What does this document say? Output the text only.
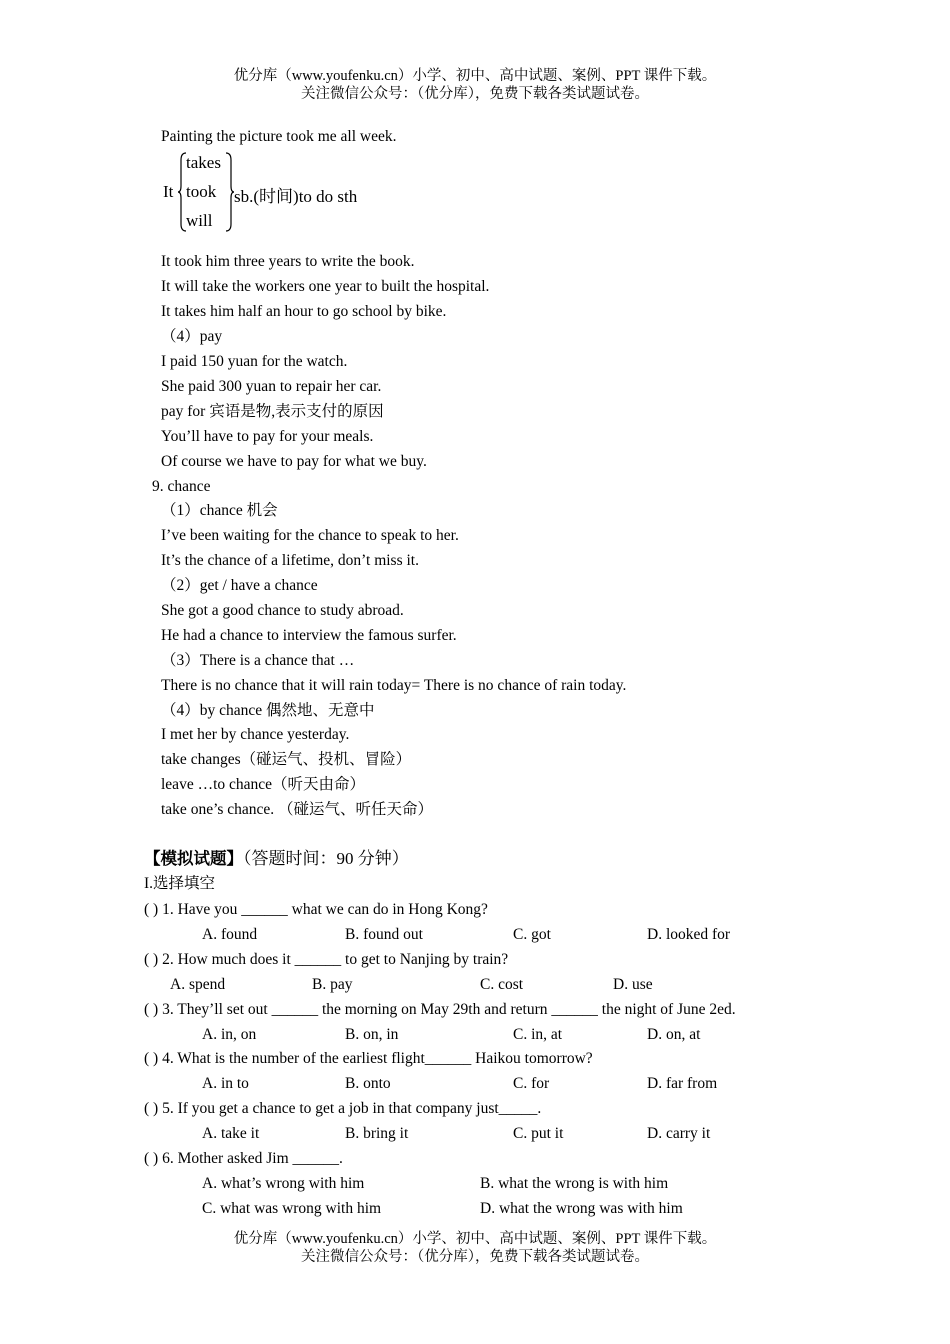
优分库（www.youfenku.cn）小学、初中、高中试题、案例、PPT 课件下载。
关注微信公众号：（优分库），免费下载各类试题试卷。
Painting the picture took me all week.
It
takes
took
will
sb.(时间)to do sth
It took him three years to write the book.
It will take the workers one year to built the hospital.
It takes him half an hour to go school by bike.
（4）pay
I paid 150 yuan for the watch.
She paid 300 yuan to repair her car.
pay for 宾语是物,表示支付的原因
You’ll have to pay for your meals.
Of course we have to pay for what we buy.
9. chance
（1）chance 机会
I’ve been waiting for the chance to speak to her.
It’s the chance of a lifetime, don’t miss it.
（2）get / have a chance
She got a good chance to study abroad.
He had a chance to interview the famous surfer.
（3）There is a chance that …
There is no chance that it will rain today= There is no chance of rain today.
（4）by chance 偶然地、无意中
I met her by chance yesterday.
take changes（碰运气、投机、冒险）
leave …to chance（听天由命）
take one’s chance. （碰运气、听任天命）
【模拟试题】（答题时间：90 分钟）
I.选择填空
( ) 1. Have you ______ what we can do in Hong Kong?
A. found	B. found out	C. got	D. looked for
( ) 2. How much does it ______ to get to Nanjing by train?
A. spend	B. pay	C. cost	D. use
( ) 3. They’ll set out ______ the morning on May 29th and return ______ the night of June 2ed.
A. in, on	B. on, in	C. in, at	D. on, at
( ) 4. What is the number of the earliest flight______ Haikou tomorrow?
A. in to	B. onto	C. for	D. far from
( ) 5. If you get a chance to get a job in that company just_____.
A. take it	B. bring it	C. put it	D. carry it
( ) 6. Mother asked Jim ______.
A. what’s wrong with him	B. what the wrong is with him
C. what was wrong with him	D. what the wrong was with him
优分库（www.youfenku.cn）小学、初中、高中试题、案例、PPT 课件下载。
关注微信公众号：（优分库），免费下载各类试题试卷。
